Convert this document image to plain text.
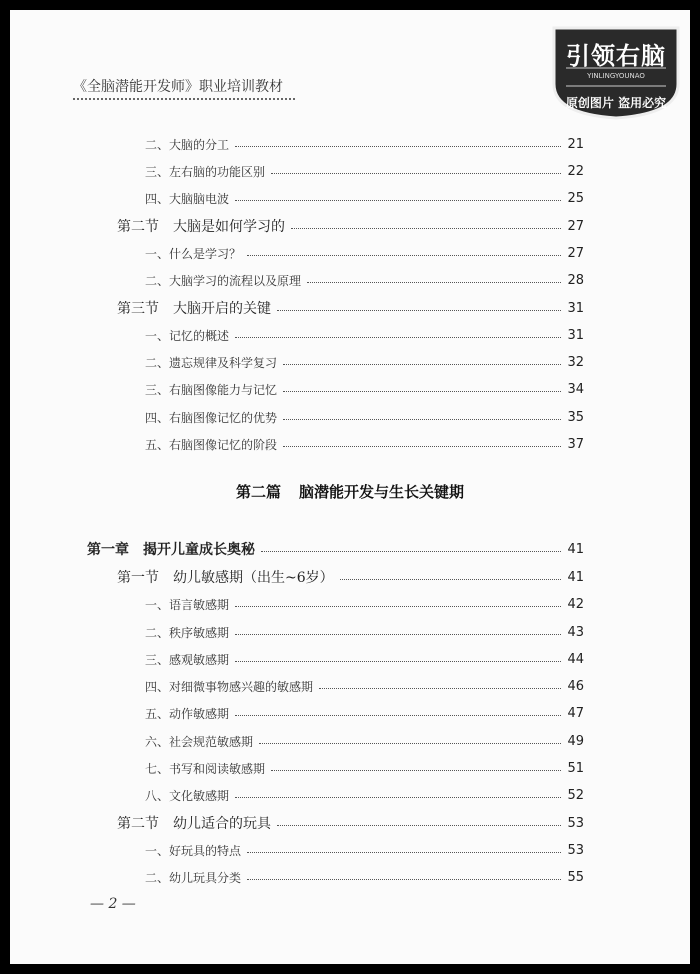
《全脑潜能开发师》职业培训教材
二、大脑的分工	21
三、左右脑的功能区别	22
四、大脑脑电波	25
第二节　大脑是如何学习的	27
一、什么是学习？	27
二、大脑学习的流程以及原理	28
第三节　大脑开启的关键	31
一、记忆的概述	31
二、遗忘规律及科学复习	32
三、右脑图像能力与记忆	34
四、右脑图像记忆的优势	35
五、右脑图像记忆的阶段	37
第二篇 脑潜能开发与生长关键期
第一章　揭开儿童成长奥秘	41
第一节　幼儿敏感期（出生~6岁）	41
一、语言敏感期	42
二、秩序敏感期	43
三、感观敏感期	44
四、对细微事物感兴趣的敏感期	46
五、动作敏感期	47
六、社会规范敏感期	49
七、书写和阅读敏感期	51
八、文化敏感期	52
第二节　幼儿适合的玩具	53
一、好玩具的特点	53
二、幼儿玩具分类	55
— 2 —
引领右脑
YINLINGYOUNAO
原创图片 盗用必究
